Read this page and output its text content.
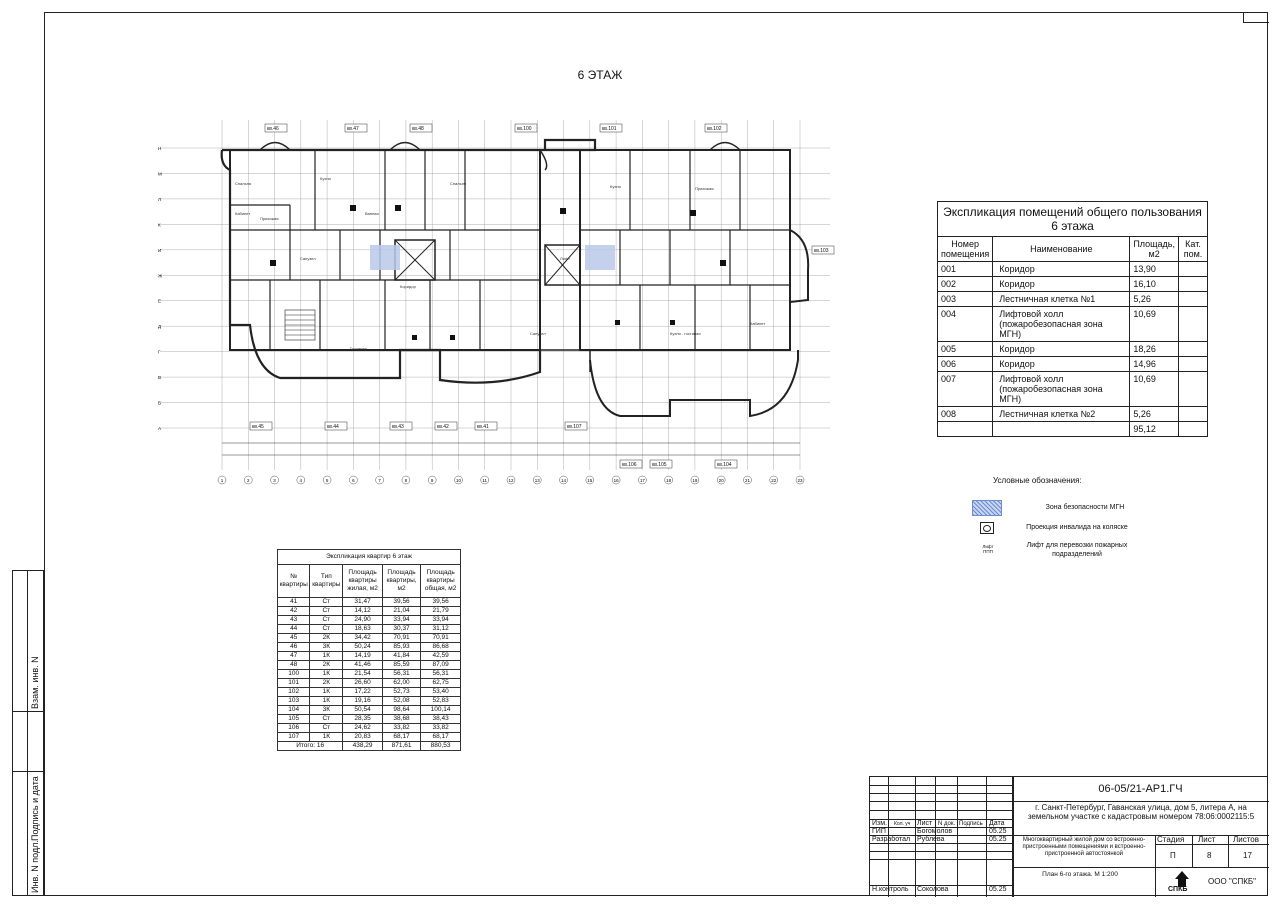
6 ЭТАЖ
1	2	3	4	5	6	7	8	9	10	11	12	13	14	15	16	17	18	19	20	21	22	23
Н
М
Л
К
И
Ж
Е
Д
Г
В
Б
А
кв.46	кв.47	кв.48	кв.100	кв.101	кв.102
кв.45	кв.44	кв.43	кв.42	кв.41	кв.107
кв.106	кв.105	кв.104
кв.103
Спальня
Кухня
Прихожая
Кабинет
Санузел
Гостиная
Кухня - гостиная
Лифт
Коридор
Ванная
Спальня
Кухня	Прихожая
Кабинет
Санузел
Экспликация помещений общего пользования 6 этажа			
Номер помещения	Наименование	Площадь, м2	Кат. пом.
001	Коридор	13,90	
002	Коридор	16,10	
003	Лестничная клетка №1	5,26	
004	Лифтовой холл (пожаробезопасная зона МГН)	10,69	
005	Коридор	18,26	
006	Коридор	14,96	
007	Лифтовой холл (пожаробезопасная зона МГН)	10,69	
008	Лестничная клетка №2	5,26	
		95,12	
Условные обозначения:
Зона безопасности МГН
Проекция инвалида на коляске
Лифт ППП
Лифт для перевозки пожарных подразделений
Экспликация квартир 6 этаж				
№ квартиры	Тип квартиры	Площадь квартиры жилая, м2	Площадь квартиры, м2	Площадь квартиры общая, м2
41	Ст	31,47	39,56	39,56
42	Ст	14,12	21,04	21,79
43	Ст	24,90	33,94	33,94
44	Ст	18,63	30,37	31,12
45	2К	34,42	70,91	70,91
46	3К	50,24	85,93	86,68
47	1К	14,19	41,84	42,59
48	2К	41,46	85,59	87,09
100	1К	21,54	56,31	56,31
101	2К	26,60	62,00	62,75
102	1К	17,22	52,73	53,40
103	1К	19,16	52,08	52,83
104	3К	50,54	98,64	100,14
105	Ст	28,35	38,68	38,43
106	Ст	24,62	33,82	33,82
107	1К	20,83	68,17	68,17
Итого: 16		438,29	871,61	880,53
Взам. инв. N
Подпись и дата
Инв. N подл.
Изм. Кол. уч Лист N док. Подпись Дата
ГИП	Богомолов	05.25
Разработал Рублева	05.25
Н.контроль Соколова	05.25
06-05/21-АР1.ГЧ
г. Санкт-Петербург, Гаванская улица, дом 5, литера А, на земельном участке с кадастровым номером 78:06:0002115:5
Многоквартирный жилой дом со встроенно-пристроенными помещениями и встроенно-пристроенной автостоянкой
Стадия Лист Листов
П	8	17
План 6-го этажа. М 1:200
СПКБ
ООО "СПКБ"
